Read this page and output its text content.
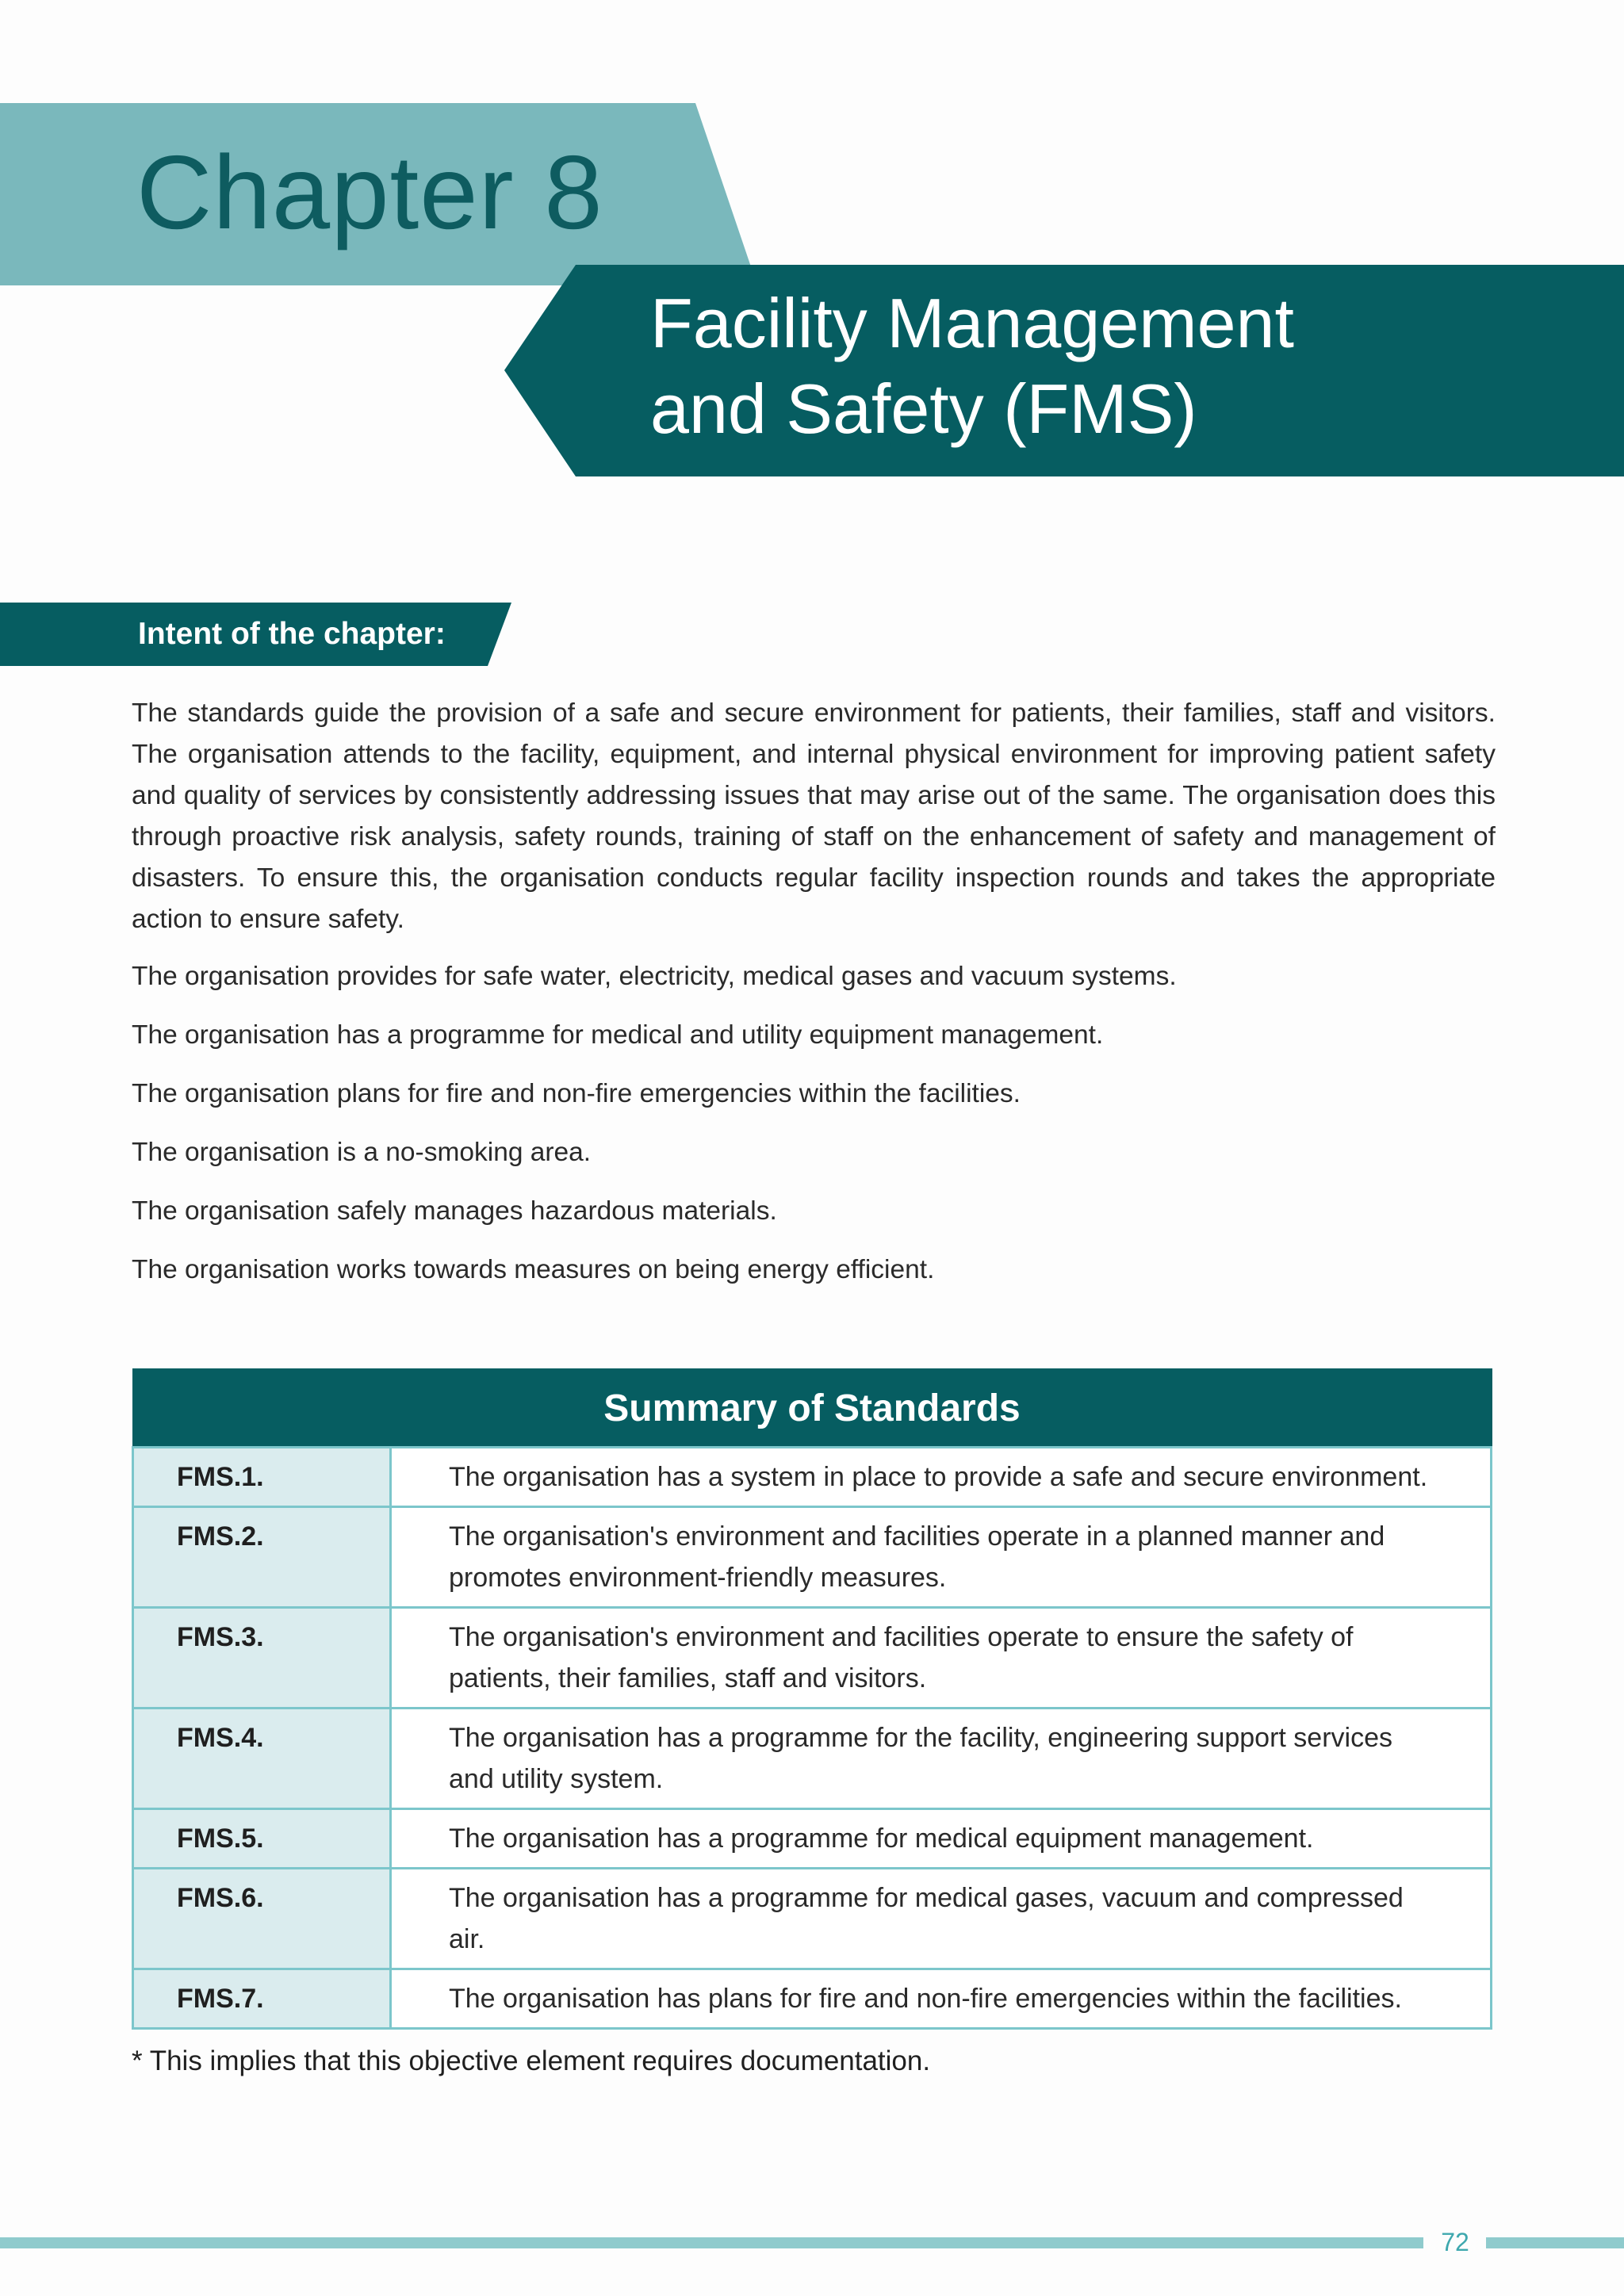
Chapter 8
Facility Management
and Safety (FMS)
Intent of the chapter:

The standards guide the provision of a safe and secure environment for patients, their families, staff and visitors. The organisation attends to the facility, equipment, and internal physical environment for improving patient safety and quality of services by consistently addressing issues that may arise out of the same. The organisation does this through proactive risk analysis, safety rounds, training of staff on the enhancement of safety and management of disasters. To ensure this, the organisation conducts regular facility inspection rounds and takes the appropriate action to ensure safety.

The organisation provides for safe water, electricity, medical gases and vacuum systems.

The organisation has a programme for medical and utility equipment management.

The organisation plans for fire and non-fire emergencies within the facilities.

The organisation is a no-smoking area.

The organisation safely manages hazardous materials.

The organisation works towards measures on being energy efficient.

Summary of Standards	
FMS.1.	The organisation has a system in place to provide a safe and secure environment.
FMS.2.	The organisation's environment and facilities operate in a planned manner and promotes environment-friendly measures.
FMS.3.	The organisation's environment and facilities operate to ensure the safety of patients, their families, staff and visitors.
FMS.4.	The organisation has a programme for the facility, engineering support services and utility system.
FMS.5.	The organisation has a programme for medical equipment management.
FMS.6.	The organisation has a programme for medical gases, vacuum and compressed air.
FMS.7.	The organisation has plans for fire and non-fire emergencies within the facilities.
* This implies that this objective element requires documentation.
72
